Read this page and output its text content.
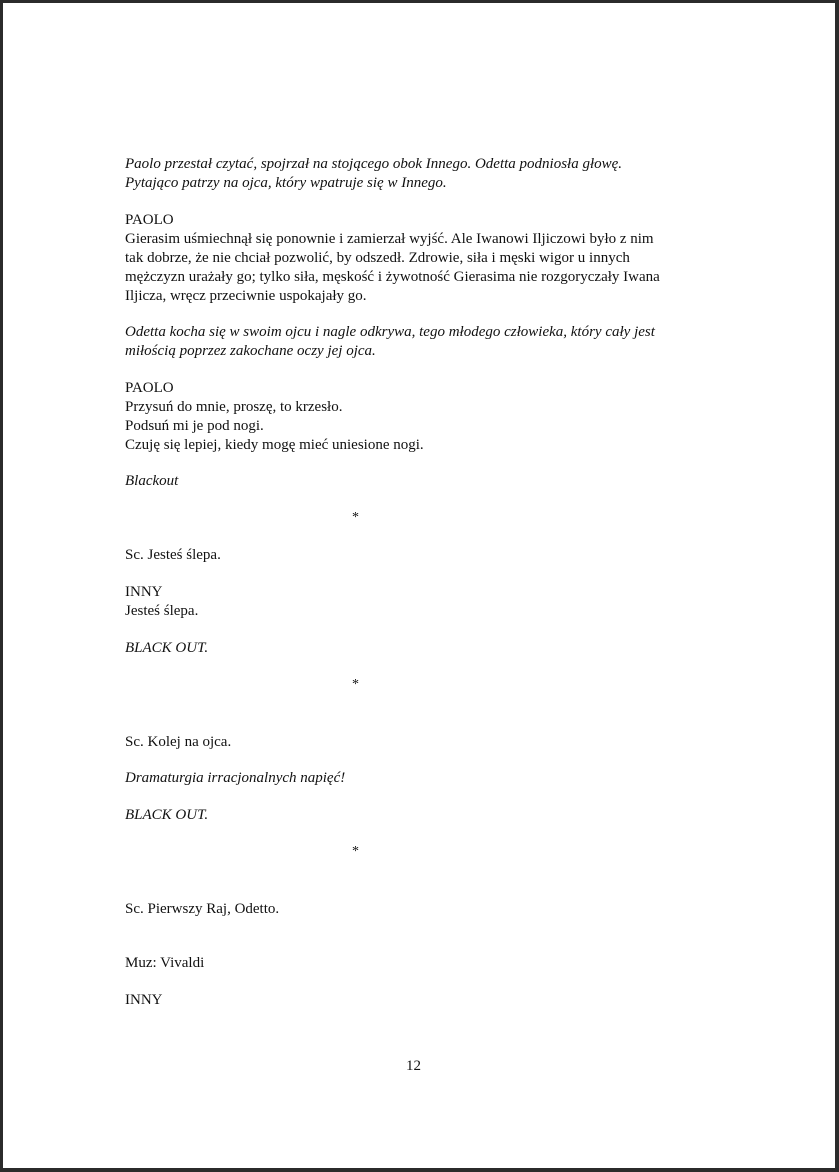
Paolo przestał czytać, spojrzał na stojącego obok Innego. Odetta podniosła głowę.
Pytająco patrzy na ojca, który wpatruje się w Innego.
PAOLO
Gierasim uśmiechnął się ponownie i zamierzał wyjść. Ale Iwanowi Iljiczowi było z nim
tak dobrze, że nie chciał pozwolić, by odszedł. Zdrowie, siła i męski wigor u innych
mężczyzn urażały go; tylko siła, męskość i żywotność Gierasima nie rozgoryczały Iwana
Iljicza, wręcz przeciwnie uspokajały go.
Odetta kocha się w swoim ojcu i nagle odkrywa, tego młodego człowieka, który cały jest
miłością poprzez zakochane oczy jej ojca.
PAOLO
Przysuń do mnie, proszę, to krzesło.
Podsuń mi je pod nogi.
Czuję się lepiej, kiedy mogę mieć uniesione nogi.
Blackout
*
Sc. Jesteś ślepa.
INNY
Jesteś ślepa.
BLACK OUT.
*
Sc. Kolej na ojca.
Dramaturgia irracjonalnych napięć!
BLACK OUT.
*
Sc. Pierwszy Raj, Odetto.
Muz: Vivaldi
INNY
12
